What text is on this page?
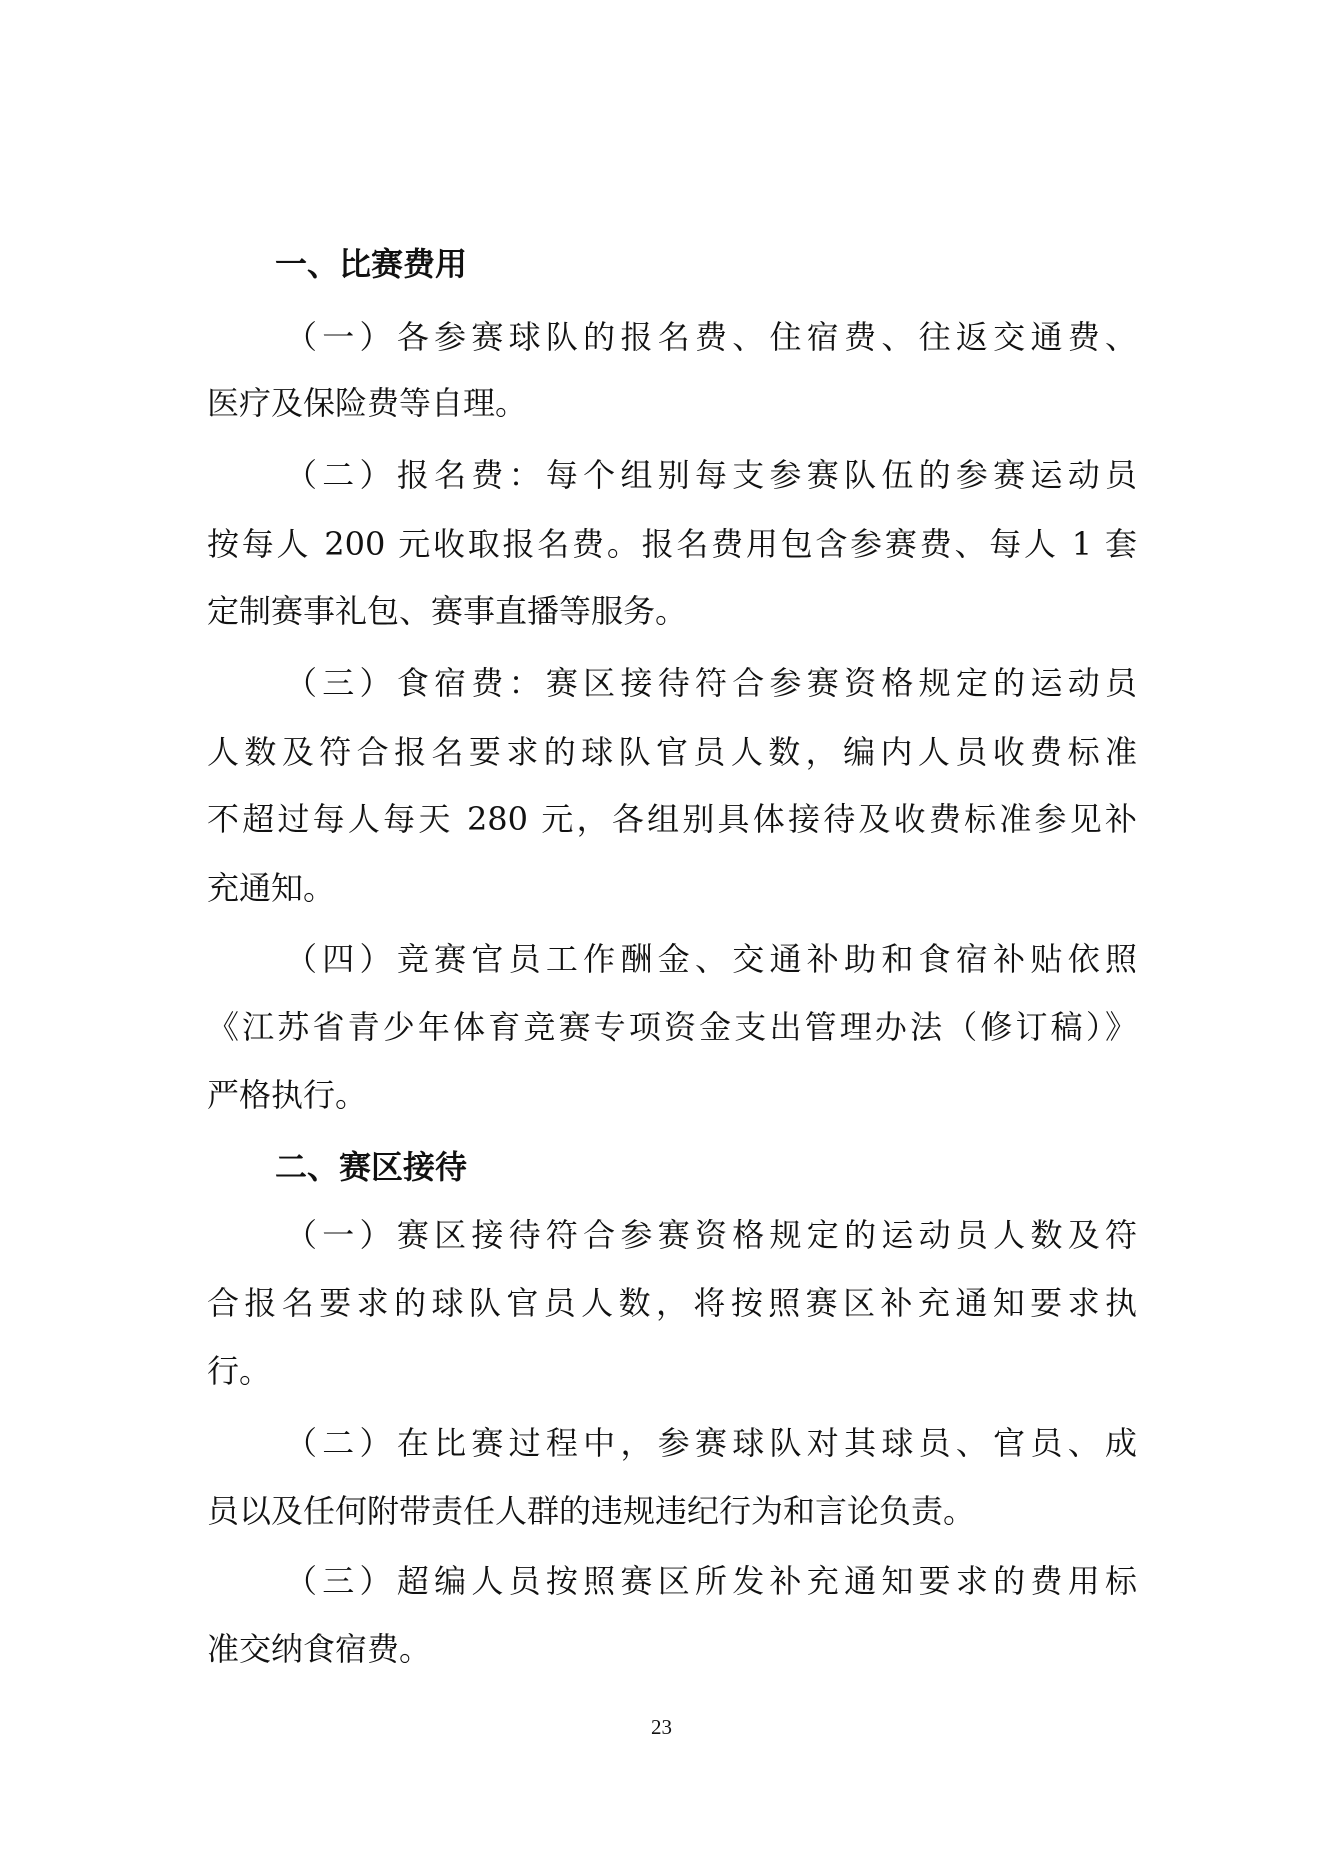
一、比赛费用
（一）各参赛球队的报名费、住宿费、往返交通费、
医疗及保险费等自理。
（二）报名费：每个组别每支参赛队伍的参赛运动员
按每人 200 元收取报名费。报名费用包含参赛费、每人 1 套
定制赛事礼包、赛事直播等服务。
（三）食宿费：赛区接待符合参赛资格规定的运动员
人数及符合报名要求的球队官员人数，编内人员收费标准
不超过每人每天 280 元，各组别具体接待及收费标准参见补
充通知。
（四）竞赛官员工作酬金、交通补助和食宿补贴依照
《江苏省青少年体育竞赛专项资金支出管理办法（修订稿）》
严格执行。
二、赛区接待
（一）赛区接待符合参赛资格规定的运动员人数及符
合报名要求的球队官员人数，将按照赛区补充通知要求执
行。
（二）在比赛过程中，参赛球队对其球员、官员、成
员以及任何附带责任人群的违规违纪行为和言论负责。
（三）超编人员按照赛区所发补充通知要求的费用标
准交纳食宿费。
23
